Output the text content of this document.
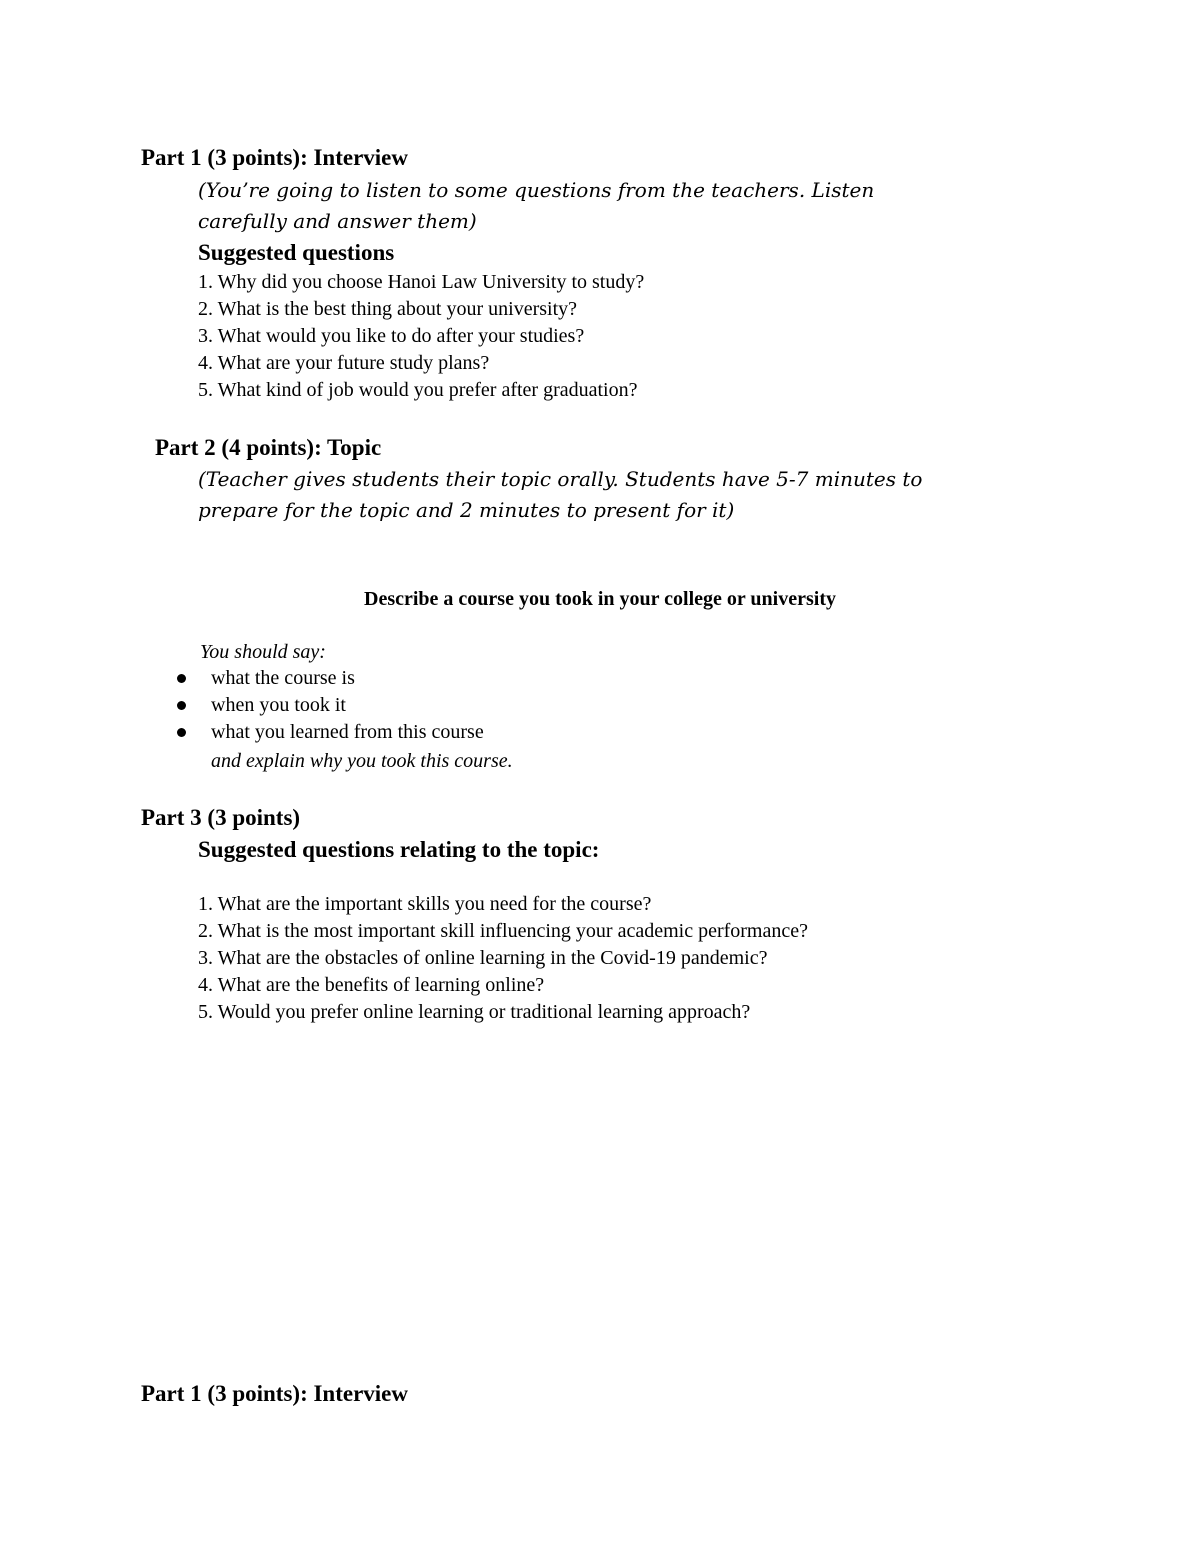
Part 1 (3 points): Interview
(You’re going to listen to some questions from the teachers. Listen carefully and answer them)
Suggested questions
1. Why did you choose Hanoi Law University to study?
2. What is the best thing about your university?
3. What would you like to do after your studies?
4. What are your future study plans?
5. What kind of job would you prefer after graduation?
Part 2 (4 points): Topic
(Teacher gives students their topic orally. Students have 5-7 minutes to prepare for the topic and 2 minutes to present for it)
Describe a course you took in your college or university
You should say:
what the course is
when you took it
what you learned from this course
and explain why you took this course.
Part 3 (3 points)
Suggested questions relating to the topic:
1. What are the important skills you need for the course?
2. What is the most important skill influencing your academic performance?
3. What are the obstacles of online learning in the Covid-19 pandemic?
4. What are the benefits of learning online?
5. Would you prefer online learning or traditional learning approach?
Part 1 (3 points): Interview
